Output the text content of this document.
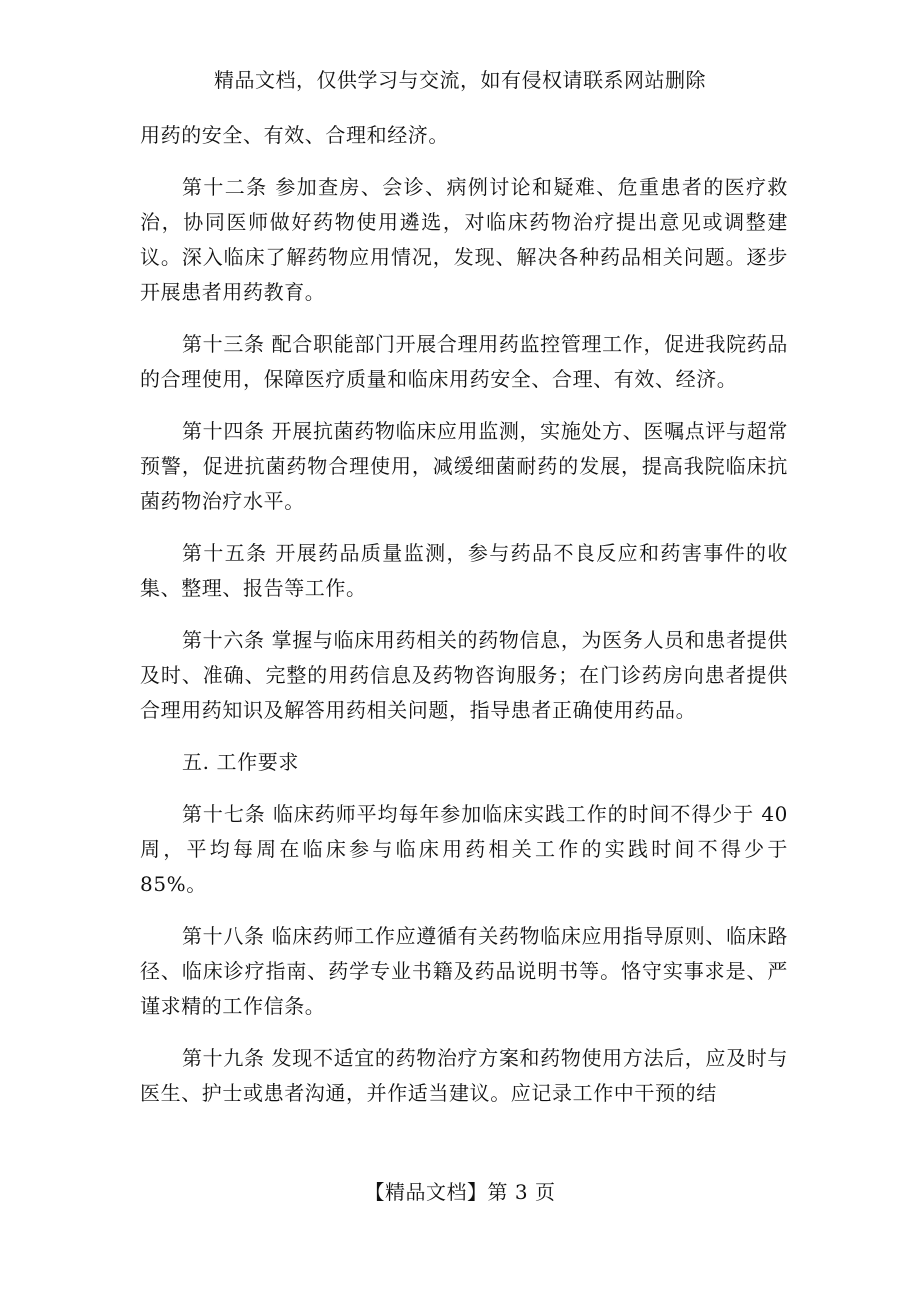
精品文档，仅供学习与交流，如有侵权请联系网站删除

用药的安全、有效、合理和经济。

第十二条 参加查房、会诊、病例讨论和疑难、危重患者的医疗救治，协同医师做好药物使用遴选，对临床药物治疗提出意见或调整建议。深入临床了解药物应用情况，发现、解决各种药品相关问题。逐步开展患者用药教育。

第十三条 配合职能部门开展合理用药监控管理工作，促进我院药品的合理使用，保障医疗质量和临床用药安全、合理、有效、经济。

第十四条 开展抗菌药物临床应用监测，实施处方、医嘱点评与超常预警，促进抗菌药物合理使用，减缓细菌耐药的发展，提高我院临床抗菌药物治疗水平。

第十五条 开展药品质量监测，参与药品不良反应和药害事件的收集、整理、报告等工作。

第十六条 掌握与临床用药相关的药物信息，为医务人员和患者提供及时、准确、完整的用药信息及药物咨询服务；在门诊药房向患者提供合理用药知识及解答用药相关问题，指导患者正确使用药品。

五. 工作要求

第十七条 临床药师平均每年参加临床实践工作的时间不得少于 40 周，平均每周在临床参与临床用药相关工作的实践时间不得少于 85%。

第十八条 临床药师工作应遵循有关药物临床应用指导原则、临床路径、临床诊疗指南、药学专业书籍及药品说明书等。恪守实事求是、严谨求精的工作信条。

第十九条 发现不适宜的药物治疗方案和药物使用方法后，应及时与医生、护士或患者沟通，并作适当建议。应记录工作中干预的结

【精品文档】第 3 页
